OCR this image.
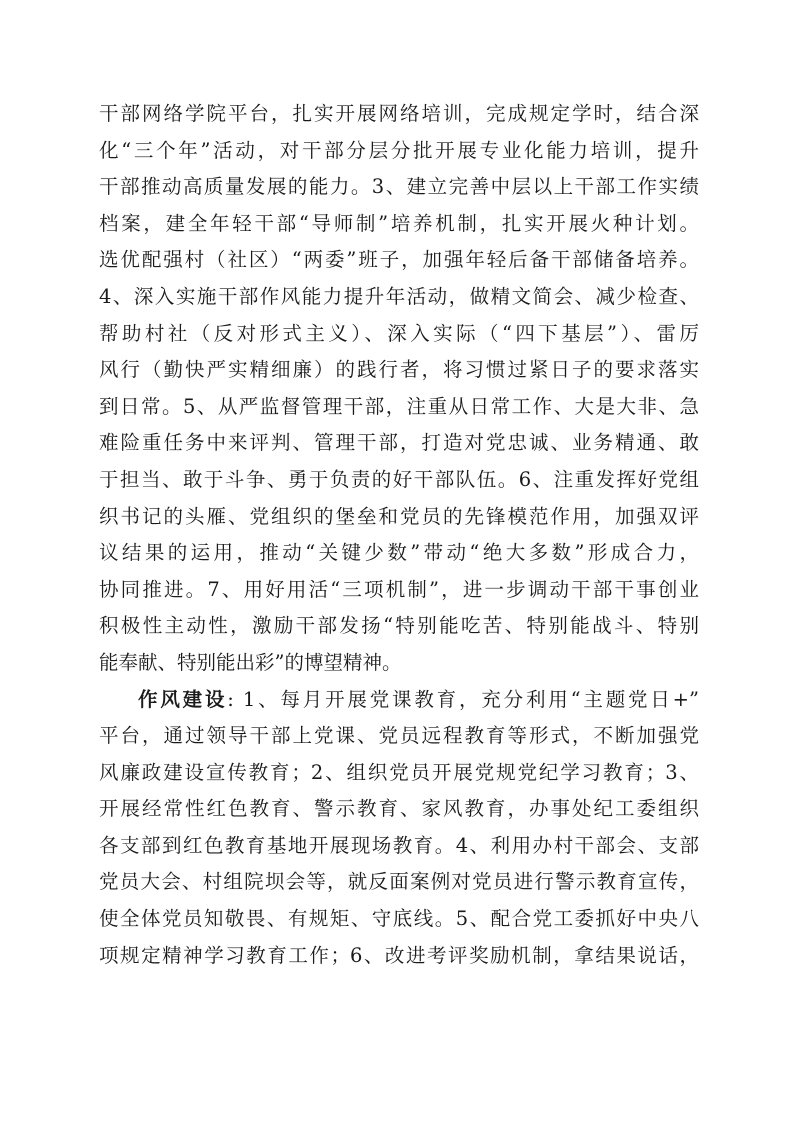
干部网络学院平台，扎实开展网络培训，完成规定学时，结合深
化“三个年”活动，对干部分层分批开展专业化能力培训，提升
干部推动高质量发展的能力。3、建立完善中层以上干部工作实绩
档案，建全年轻干部“导师制”培养机制，扎实开展火种计划。
选优配强村（社区）“两委”班子，加强年轻后备干部储备培养。
4、深入实施干部作风能力提升年活动，做精文简会、减少检查、
帮助村社（反对形式主义）、深入实际（“四下基层”）、雷厉
风行（勤快严实精细廉）的践行者，将习惯过紧日子的要求落实
到日常。5、从严监督管理干部，注重从日常工作、大是大非、急
难险重任务中来评判、管理干部，打造对党忠诚、业务精通、敢
于担当、敢于斗争、勇于负责的好干部队伍。6、注重发挥好党组
织书记的头雁、党组织的堡垒和党员的先锋模范作用，加强双评
议结果的运用，推动“关键少数”带动“绝大多数”形成合力，
协同推进。7、用好用活“三项机制”，进一步调动干部干事创业
积极性主动性，激励干部发扬“特别能吃苦、特别能战斗、特别
能奉献、特别能出彩”的博望精神。
作风建设: 1、每月开展党课教育，充分利用“主题党日+”
平台，通过领导干部上党课、党员远程教育等形式，不断加强党
风廉政建设宣传教育；2、组织党员开展党规党纪学习教育；3、
开展经常性红色教育、警示教育、家风教育，办事处纪工委组织
各支部到红色教育基地开展现场教育。4、利用办村干部会、支部
党员大会、村组院坝会等，就反面案例对党员进行警示教育宣传，
使全体党员知敬畏、有规矩、守底线。5、配合党工委抓好中央八
项规定精神学习教育工作；6、改进考评奖励机制，拿结果说话，
